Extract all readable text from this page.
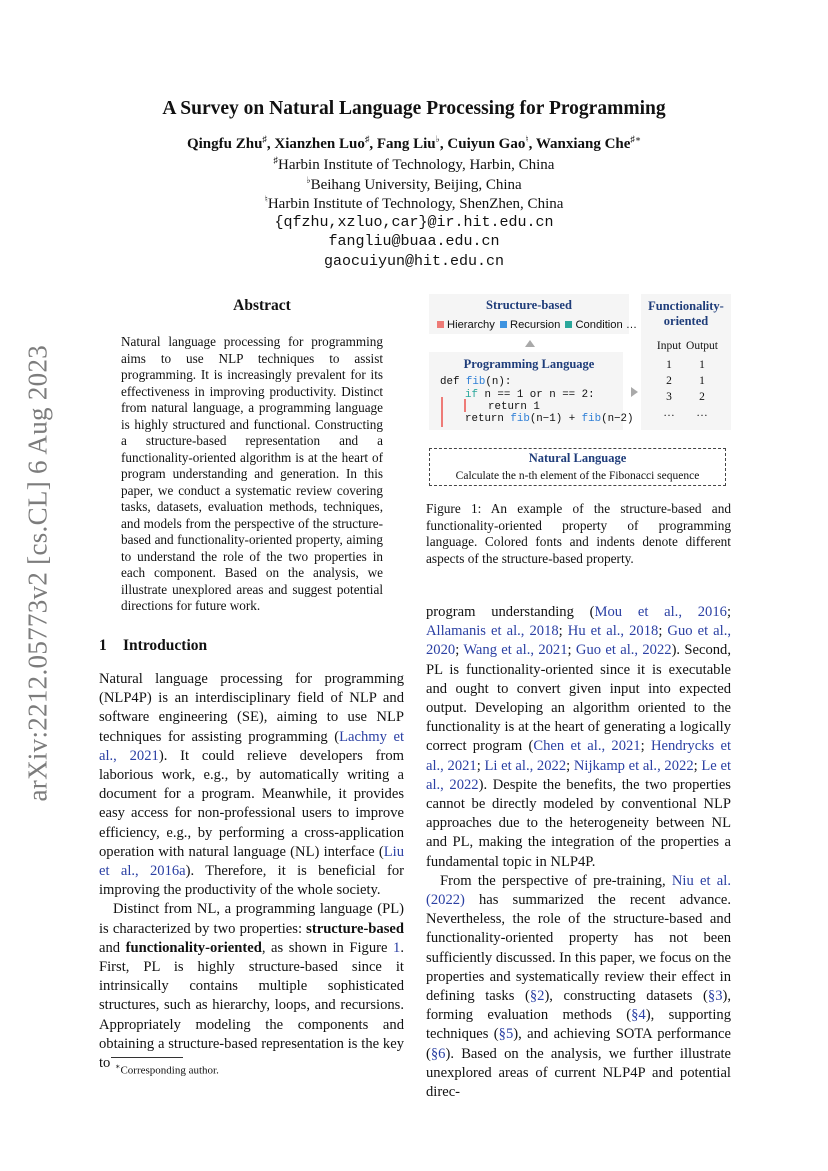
arXiv:2212.05773v2 [cs.CL] 6 Aug 2023
A Survey on Natural Language Processing for Programming
Qingfu Zhu♯, Xianzhen Luo♯, Fang Liu♭, Cuiyun Gao♮, Wanxiang Che♯∗
♯Harbin Institute of Technology, Harbin, China
♭Beihang University, Beijing, China
♮Harbin Institute of Technology, ShenZhen, China
{qfzhu,xzluo,car}@ir.hit.edu.cn
fangliu@buaa.edu.cn
gaocuiyun@hit.edu.cn
Abstract
Natural language processing for programming aims to use NLP techniques to assist programming. It is increasingly prevalent for its effectiveness in improving productivity. Distinct from natural language, a programming language is highly structured and functional. Constructing a structure-based representation and a functionality-oriented algorithm is at the heart of program understanding and generation. In this paper, we conduct a systematic review covering tasks, datasets, evaluation methods, techniques, and models from the perspective of the structure-based and functionality-oriented property, aiming to understand the role of the two properties in each component. Based on the analysis, we illustrate unexplored areas and suggest potential directions for future work.
1 Introduction

Natural language processing for programming (NLP4P) is an interdisciplinary field of NLP and software engineering (SE), aiming to use NLP techniques for assisting programming (Lachmy et al., 2021). It could relieve developers from laborious work, e.g., by automatically writing a document for a program. Meanwhile, it provides easy access for non-professional users to improve efficiency, e.g., by performing a cross-application operation with natural language (NL) interface (Liu et al., 2016a). Therefore, it is beneficial for improving the productivity of the whole society.

Distinct from NL, a programming language (PL) is characterized by two properties: structure-based and functionality-oriented, as shown in Figure 1. First, PL is highly structure-based since it intrinsically contains multiple sophisticated structures, such as hierarchy, loops, and recursions. Appropriately modeling the components and obtaining a structure-based representation is the key to ∗Corresponding author.
Structure-based
Hierarchy Recursion Condition …
Programming Language
def fib(n):
if n == 1 or n == 2:
return 1
return fib(n−1) + fib(n−2)
Functionality-
oriented
Input Output
1	1
2	1
3	2
…	…
Natural Language
Calculate the n-th element of the Fibonacci sequence
Figure 1: An example of the structure-based and functionality-oriented property of programming language. Colored fonts and indents denote different aspects of the structure-based property.

program understanding (Mou et al., 2016; Allamanis et al., 2018; Hu et al., 2018; Guo et al., 2020; Wang et al., 2021; Guo et al., 2022). Second, PL is functionality-oriented since it is executable and ought to convert given input into expected output. Developing an algorithm oriented to the functionality is at the heart of generating a logically correct program (Chen et al., 2021; Hendrycks et al., 2021; Li et al., 2022; Nijkamp et al., 2022; Le et al., 2022). Despite the benefits, the two properties cannot be directly modeled by conventional NLP approaches due to the heterogeneity between NL and PL, making the integration of the properties a fundamental topic in NLP4P.

From the perspective of pre-training, Niu et al. (2022) has summarized the recent advance. Nevertheless, the role of the structure-based and functionality-oriented property has not been sufficiently discussed. In this paper, we focus on the properties and systematically review their effect in defining tasks (§2), constructing datasets (§3), forming evaluation methods (§4), supporting techniques (§5), and achieving SOTA performance (§6). Based on the analysis, we further illustrate unexplored areas of current NLP4P and potential direc-
